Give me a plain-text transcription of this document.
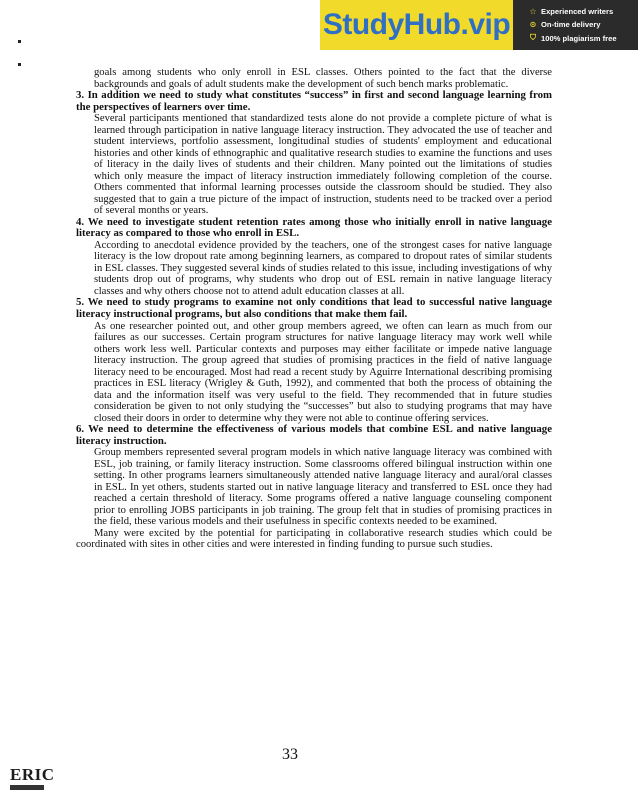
StudyHub.vip	☆ Experienced writers
⊙ On-time delivery
⛉ 100% plagiarism free

goals among students who only enroll in ESL classes. Others pointed to the fact that the diverse backgrounds and goals of adult students make the development of such bench marks problematic.

3. In addition we need to study what constitutes “success” in first and second language learning from the perspectives of learners over time.

Several participants mentioned that standardized tests alone do not provide a complete picture of what is learned through participation in native language literacy instruction. They advocated the use of teacher and student interviews, portfolio assessment, longitudinal studies of students' employment and educational histories and other kinds of ethnographic and qualitative research studies to examine the functions and uses of literacy in the daily lives of students and their children. Many pointed out the limitations of studies which only measure the impact of literacy instruction immediately following completion of the course. Others commented that informal learning processes outside the classroom should be studied. They also suggested that to gain a true picture of the impact of instruction, students need to be tracked over a period of several months or years.

4. We need to investigate student retention rates among those who initially enroll in native language literacy as compared to those who enroll in ESL.

According to anecdotal evidence provided by the teachers, one of the strongest cases for native language literacy is the low dropout rate among beginning learners, as compared to dropout rates of similar students in ESL classes. They suggested several kinds of studies related to this issue, including investigations of why students drop out of programs, why students who drop out of ESL remain in native language literacy classes and why others choose not to attend adult education classes at all.

5. We need to study programs to examine not only conditions that lead to successful native language literacy instructional programs, but also conditions that make them fail.

As one researcher pointed out, and other group members agreed, we often can learn as much from our failures as our successes. Certain program structures for native language literacy may work well while others work less well. Particular contexts and purposes may either facilitate or impede native language literacy instruction. The group agreed that studies of promising practices in the field of native language literacy need to be encouraged. Most had read a recent study by Aguirre International describing promising practices in ESL literacy (Wrigley & Guth, 1992), and commented that both the process of obtaining the data and the information itself was very useful to the field. They recommended that in future studies consideration be given to not only studying the “successes” but also to studying programs that may have closed their doors in order to determine why they were not able to continue offering services.

6. We need to determine the effectiveness of various models that combine ESL and native language literacy instruction.

Group members represented several program models in which native language literacy was combined with ESL, job training, or family literacy instruction. Some classrooms offered bilingual instruction within one setting. In other programs learners simultaneously attended native language literacy and aural/oral classes in ESL. In yet others, students started out in native language literacy and transferred to ESL once they had reached a certain threshold of literacy. Some programs offered a native language counseling component prior to enrolling JOBS participants in job training. The group felt that in studies of promising practices in the field, these various models and their usefulness in specific contexts needed to be examined.

Many were excited by the potential for participating in collaborative research studies which could be coordinated with sites in other cities and were interested in finding funding to pursue such studies.

33
ERIC
